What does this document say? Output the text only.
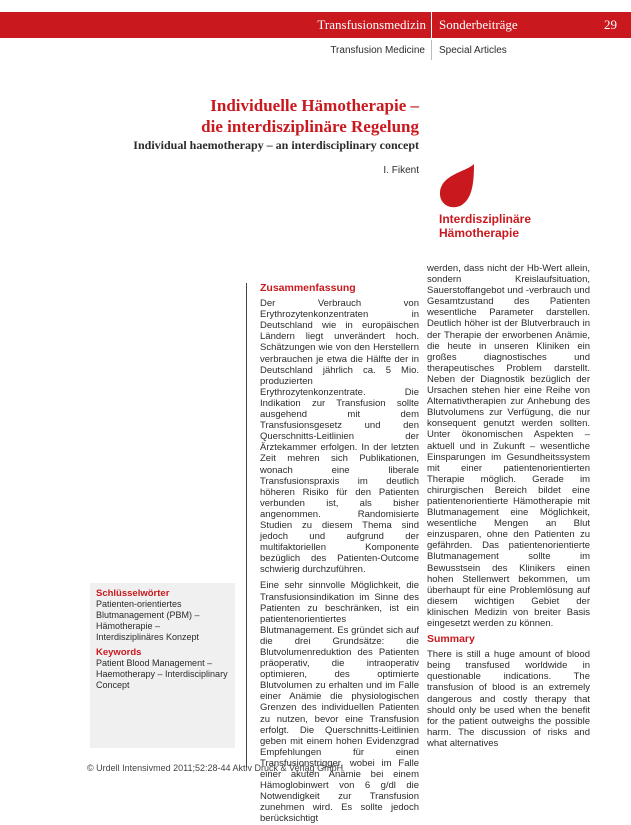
Transfusionsmedizin Sonderbeiträge	29
Transfusion Medicine Special Articles
Individuelle Hämotherapie –
die interdisziplinäre Regelung
Individual haemotherapy – an interdisciplinary concept
I. Fikent
Interdisziplinäre
Hämotherapie
Zusammenfassung

Der Verbrauch von Erythrozytenkonzentraten in Deutschland wie in europäischen Ländern liegt unverändert hoch. Schätzungen wie von den Herstellern verbrauchen je etwa die Hälfte der in Deutschland jährlich ca. 5 Mio. produzierten Erythrozytenkonzentrate. Die Indikation zur Transfusion sollte ausgehend mit dem Transfusionsgesetz und den Querschnitts-Leitlinien der Ärztekammer erfolgen. In der letzten Zeit mehren sich Publikationen, wonach eine liberale Transfusionspraxis im deutlich höheren Risiko für den Patienten verbunden ist, als bisher angenommen. Randomisierte Studien zu diesem Thema sind jedoch und aufgrund der multifaktoriellen Komponente bezüglich des Patienten-Outcome schwierig durchzuführen.

Eine sehr sinnvolle Möglichkeit, die Transfusionsindikation im Sinne des Patienten zu beschränken, ist ein patientenorientiertes Blutmanagement. Es gründet sich auf die drei Grundsätze: die Blutvolumenreduktion des Patienten präoperativ, die intraoperativ optimieren, des optimierte Blutvolumen zu erhalten und im Falle einer Anämie die physiologischen Grenzen des individuellen Patienten zu nutzen, bevor eine Transfusion erfolgt. Die Querschnitts-Leitlinien geben mit einem hohen Evidenzgrad Empfehlungen für einen Transfusionstrigger, wobei im Falle einer akuten Anämie bei einem Hämoglobinwert von 6 g/dl die Notwendigkeit zur Transfusion zunehmen wird. Es sollte jedoch berücksichtigt

werden, dass nicht der Hb-Wert allein, sondern Kreislaufsituation, Sauerstoffangebot und -verbrauch und Gesamtzustand des Patienten wesentliche Parameter darstellen. Deutlich höher ist der Blutverbrauch in der Therapie der erworbenen Anämie, die heute in unseren Kliniken ein großes diagnostisches und therapeutisches Problem darstellt. Neben der Diagnostik bezüglich der Ursachen stehen hier eine Reihe von Alternativtherapien zur Anhebung des Blutvolumens zur Verfügung, die nur konsequent genutzt werden sollten. Unter ökonomischen Aspekten – aktuell und in Zukunft – wesentliche Einsparungen im Gesundheitssystem mit einer patientenorientierten Therapie möglich. Gerade im chirurgischen Bereich bildet eine patientenorientierte Hämotherapie mit Blutmanagement eine Möglichkeit, wesentliche Mengen an Blut einzusparen, ohne den Patienten zu gefährden. Das patientenorientierte Blutmanagement sollte im Bewusstsein des Klinikers einen hohen Stellenwert bekommen, um überhaupt für eine Problemlösung auf diesem wichtigen Gebiet der klinischen Medizin von breiter Basis eingesetzt werden zu können.

Summary

There is still a huge amount of blood being transfused worldwide in questionable indications. The transfusion of blood is an extremely dangerous and costly therapy that should only be used when the benefit for the patient outweighs the possible harm. The discussion of risks and what alternatives

Schlüsselwörter
Patienten-orientiertes Blutmanagement (PBM) – Hämotherapie – Interdisziplinäres Konzept
Keywords
Patient Blood Management – Haemotherapy – Interdisciplinary Concept
© Urdell Intensivmed 2011;52:28-44 Aktiv Druck & Verlag GmbH
